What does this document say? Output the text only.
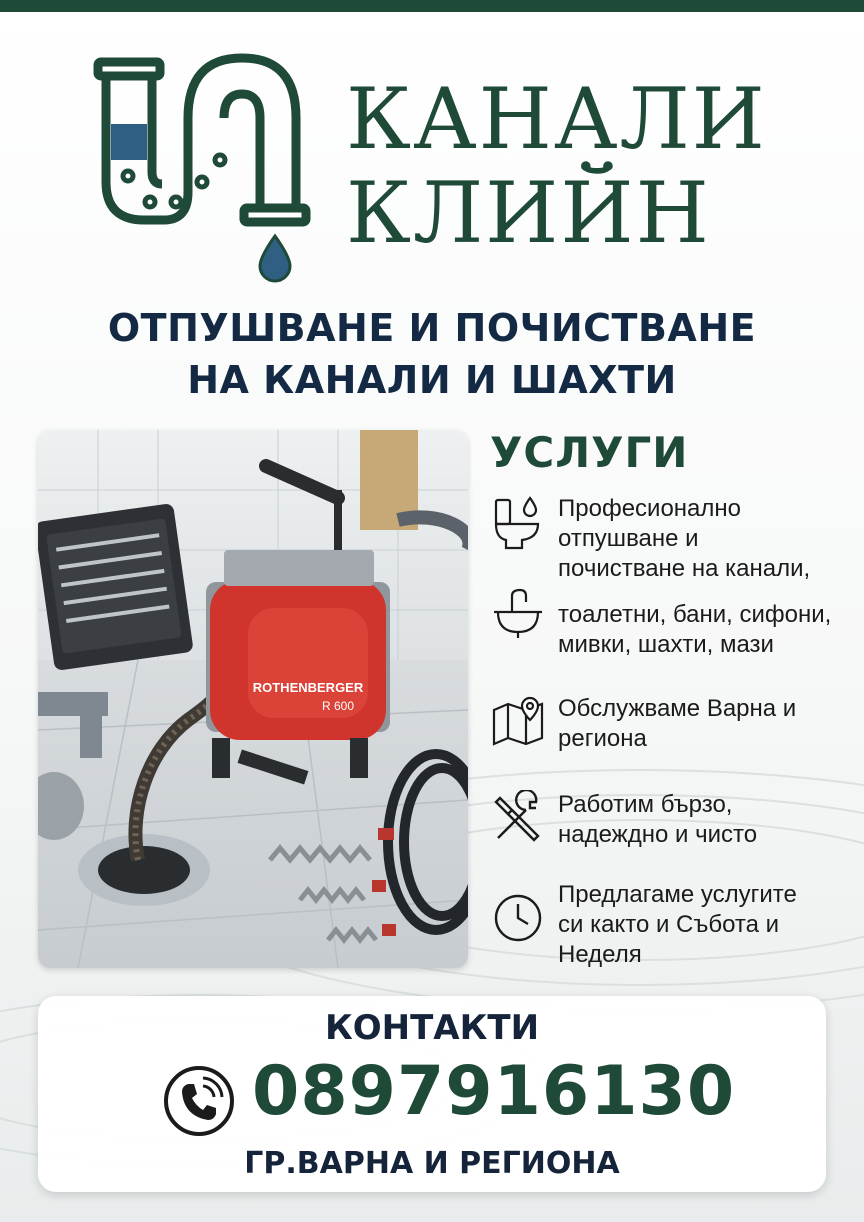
КАНАЛИ
КЛИЙН
ОТПУШВАНЕ И ПОЧИСТВАНЕ
НА КАНАЛИ И ШАХТИ
ROTHENBERGER
R 600
УСЛУГИ
Професионално
отпушване и
почистване на канали,
тоалетни, бани, сифони,
мивки, шахти, мази
Обслужваме Варна и
региона
Работим бързо,
надеждно и чисто
Предлагаме услугите
си както и Събота и
Неделя
КОНТАКТИ
0897916130
ГР.ВАРНА И РЕГИОНА
